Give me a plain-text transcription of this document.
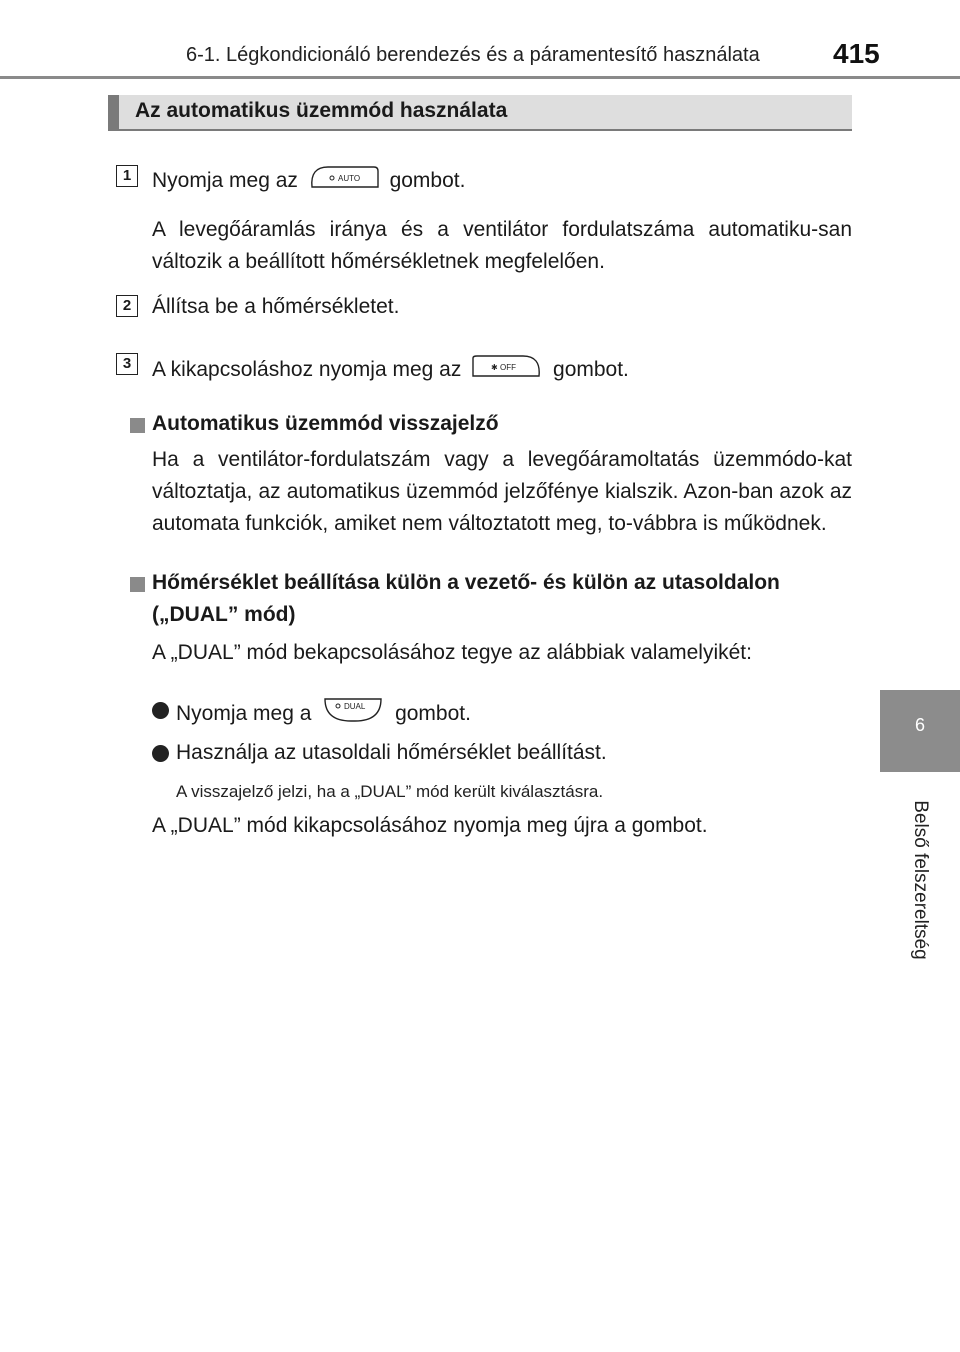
6-1. Légkondicionáló berendezés és a páramentesítő használata	415
6
Belső felszereltség
Az automatikus üzemmód használata
1 Nyomja meg az	AUTO gombot.
A levegőáramlás iránya és a ventilátor fordulatszáma automatiku-san változik a beállított hőmérsékletnek megfelelően.
2 Állítsa be a hőmérsékletet.
3 A kikapcsoláshoz nyomja meg az	✱ OFF gombot.
Automatikus üzemmód visszajelző
Ha a ventilátor-fordulatszám vagy a levegőáramoltatás üzemmódo-kat változtatja, az automatikus üzemmód jelzőfénye kialszik. Azon-ban azok az automata funkciók, amiket nem változtatott meg, to-vábbra is működnek.
Hőmérséklet beállítása külön a vezető- és külön az utasoldalon
(„DUAL” mód)
A „DUAL” mód bekapcsolásához tegye az alábbiak valamelyikét:
Nyomja meg a	DUAL gombot.
Használja az utasoldali hőmérséklet beállítást.
A visszajelző jelzi, ha a „DUAL” mód került kiválasztásra.
A „DUAL” mód kikapcsolásához nyomja meg újra a gombot.
